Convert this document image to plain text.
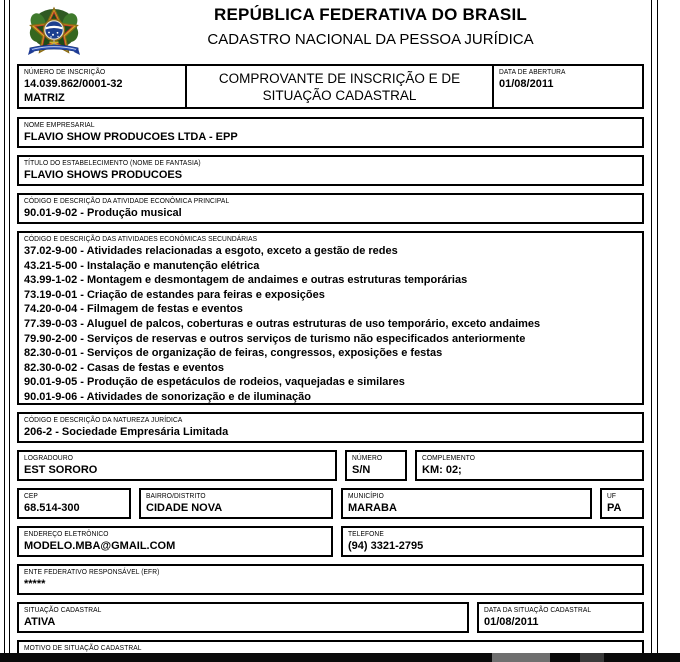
REPÚBLICA FEDERATIVA DO BRASIL
CADASTRO NACIONAL DA PESSOA JURÍDICA
NÚMERO DE INSCRIÇÃO
14.039.862/0001-32
MATRIZ
COMPROVANTE DE INSCRIÇÃO E DE SITUAÇÃO CADASTRAL
DATA DE ABERTURA
01/08/2011
NOME EMPRESARIAL
FLAVIO SHOW PRODUCOES LTDA - EPP
TÍTULO DO ESTABELECIMENTO (NOME DE FANTASIA)
FLAVIO SHOWS PRODUCOES
CÓDIGO E DESCRIÇÃO DA ATIVIDADE ECONÔMICA PRINCIPAL
90.01-9-02 - Produção musical
CÓDIGO E DESCRIÇÃO DAS ATIVIDADES ECONÔMICAS SECUNDÁRIAS
37.02-9-00 - Atividades relacionadas a esgoto, exceto a gestão de redes
43.21-5-00 - Instalação e manutenção elétrica
43.99-1-02 - Montagem e desmontagem de andaimes e outras estruturas temporárias
73.19-0-01 - Criação de estandes para feiras e exposições
74.20-0-04 - Filmagem de festas e eventos
77.39-0-03 - Aluguel de palcos, coberturas e outras estruturas de uso temporário, exceto andaimes
79.90-2-00 - Serviços de reservas e outros serviços de turismo não especificados anteriormente
82.30-0-01 - Serviços de organização de feiras, congressos, exposições e festas
82.30-0-02 - Casas de festas e eventos
90.01-9-05 - Produção de espetáculos de rodeios, vaquejadas e similares
90.01-9-06 - Atividades de sonorização e de iluminação
CÓDIGO E DESCRIÇÃO DA NATUREZA JURÍDICA
206-2 - Sociedade Empresária Limitada
LOGRADOURO
EST SORORO
NÚMERO
S/N
COMPLEMENTO
KM: 02;
CEP
68.514-300
BAIRRO/DISTRITO
CIDADE NOVA
MUNICÍPIO
MARABA
UF
PA
ENDEREÇO ELETRÔNICO
MODELO.MBA@GMAIL.COM
TELEFONE
(94) 3321-2795
ENTE FEDERATIVO RESPONSÁVEL (EFR)
*****
SITUAÇÃO CADASTRAL
ATIVA
DATA DA SITUAÇÃO CADASTRAL
01/08/2011
MOTIVO DE SITUAÇÃO CADASTRAL
